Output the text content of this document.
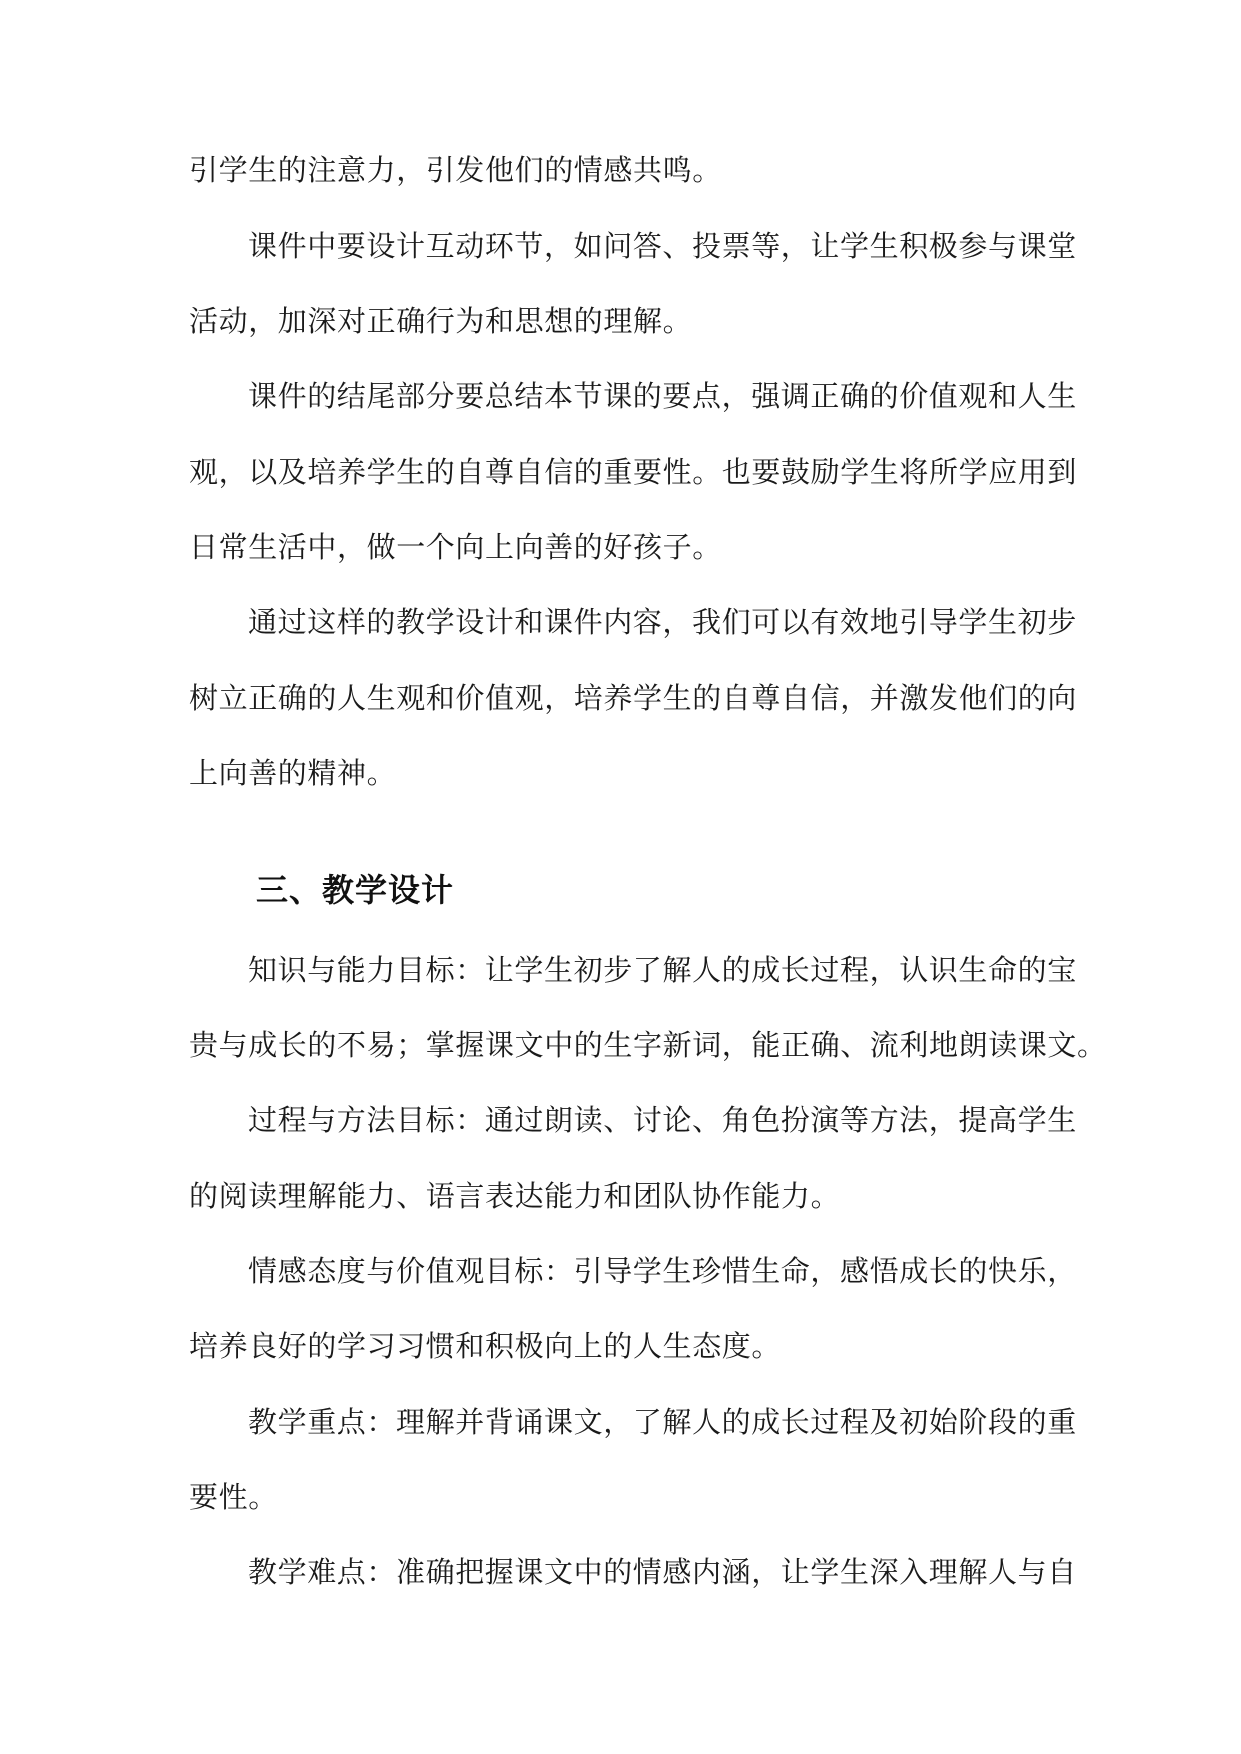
引学生的注意力，引发他们的情感共鸣。
课件中要设计互动环节，如问答、投票等，让学生积极参与课堂
活动，加深对正确行为和思想的理解。
课件的结尾部分要总结本节课的要点，强调正确的价值观和人生
观，以及培养学生的自尊自信的重要性。也要鼓励学生将所学应用到
日常生活中，做一个向上向善的好孩子。
通过这样的教学设计和课件内容，我们可以有效地引导学生初步
树立正确的人生观和价值观，培养学生的自尊自信，并激发他们的向
上向善的精神。
三、教学设计
知识与能力目标：让学生初步了解人的成长过程，认识生命的宝
贵与成长的不易；掌握课文中的生字新词，能正确、流利地朗读课文。
过程与方法目标：通过朗读、讨论、角色扮演等方法，提高学生
的阅读理解能力、语言表达能力和团队协作能力。
情感态度与价值观目标：引导学生珍惜生命，感悟成长的快乐，
培养良好的学习习惯和积极向上的人生态度。
教学重点：理解并背诵课文，了解人的成长过程及初始阶段的重
要性。
教学难点：准确把握课文中的情感内涵，让学生深入理解人与自
